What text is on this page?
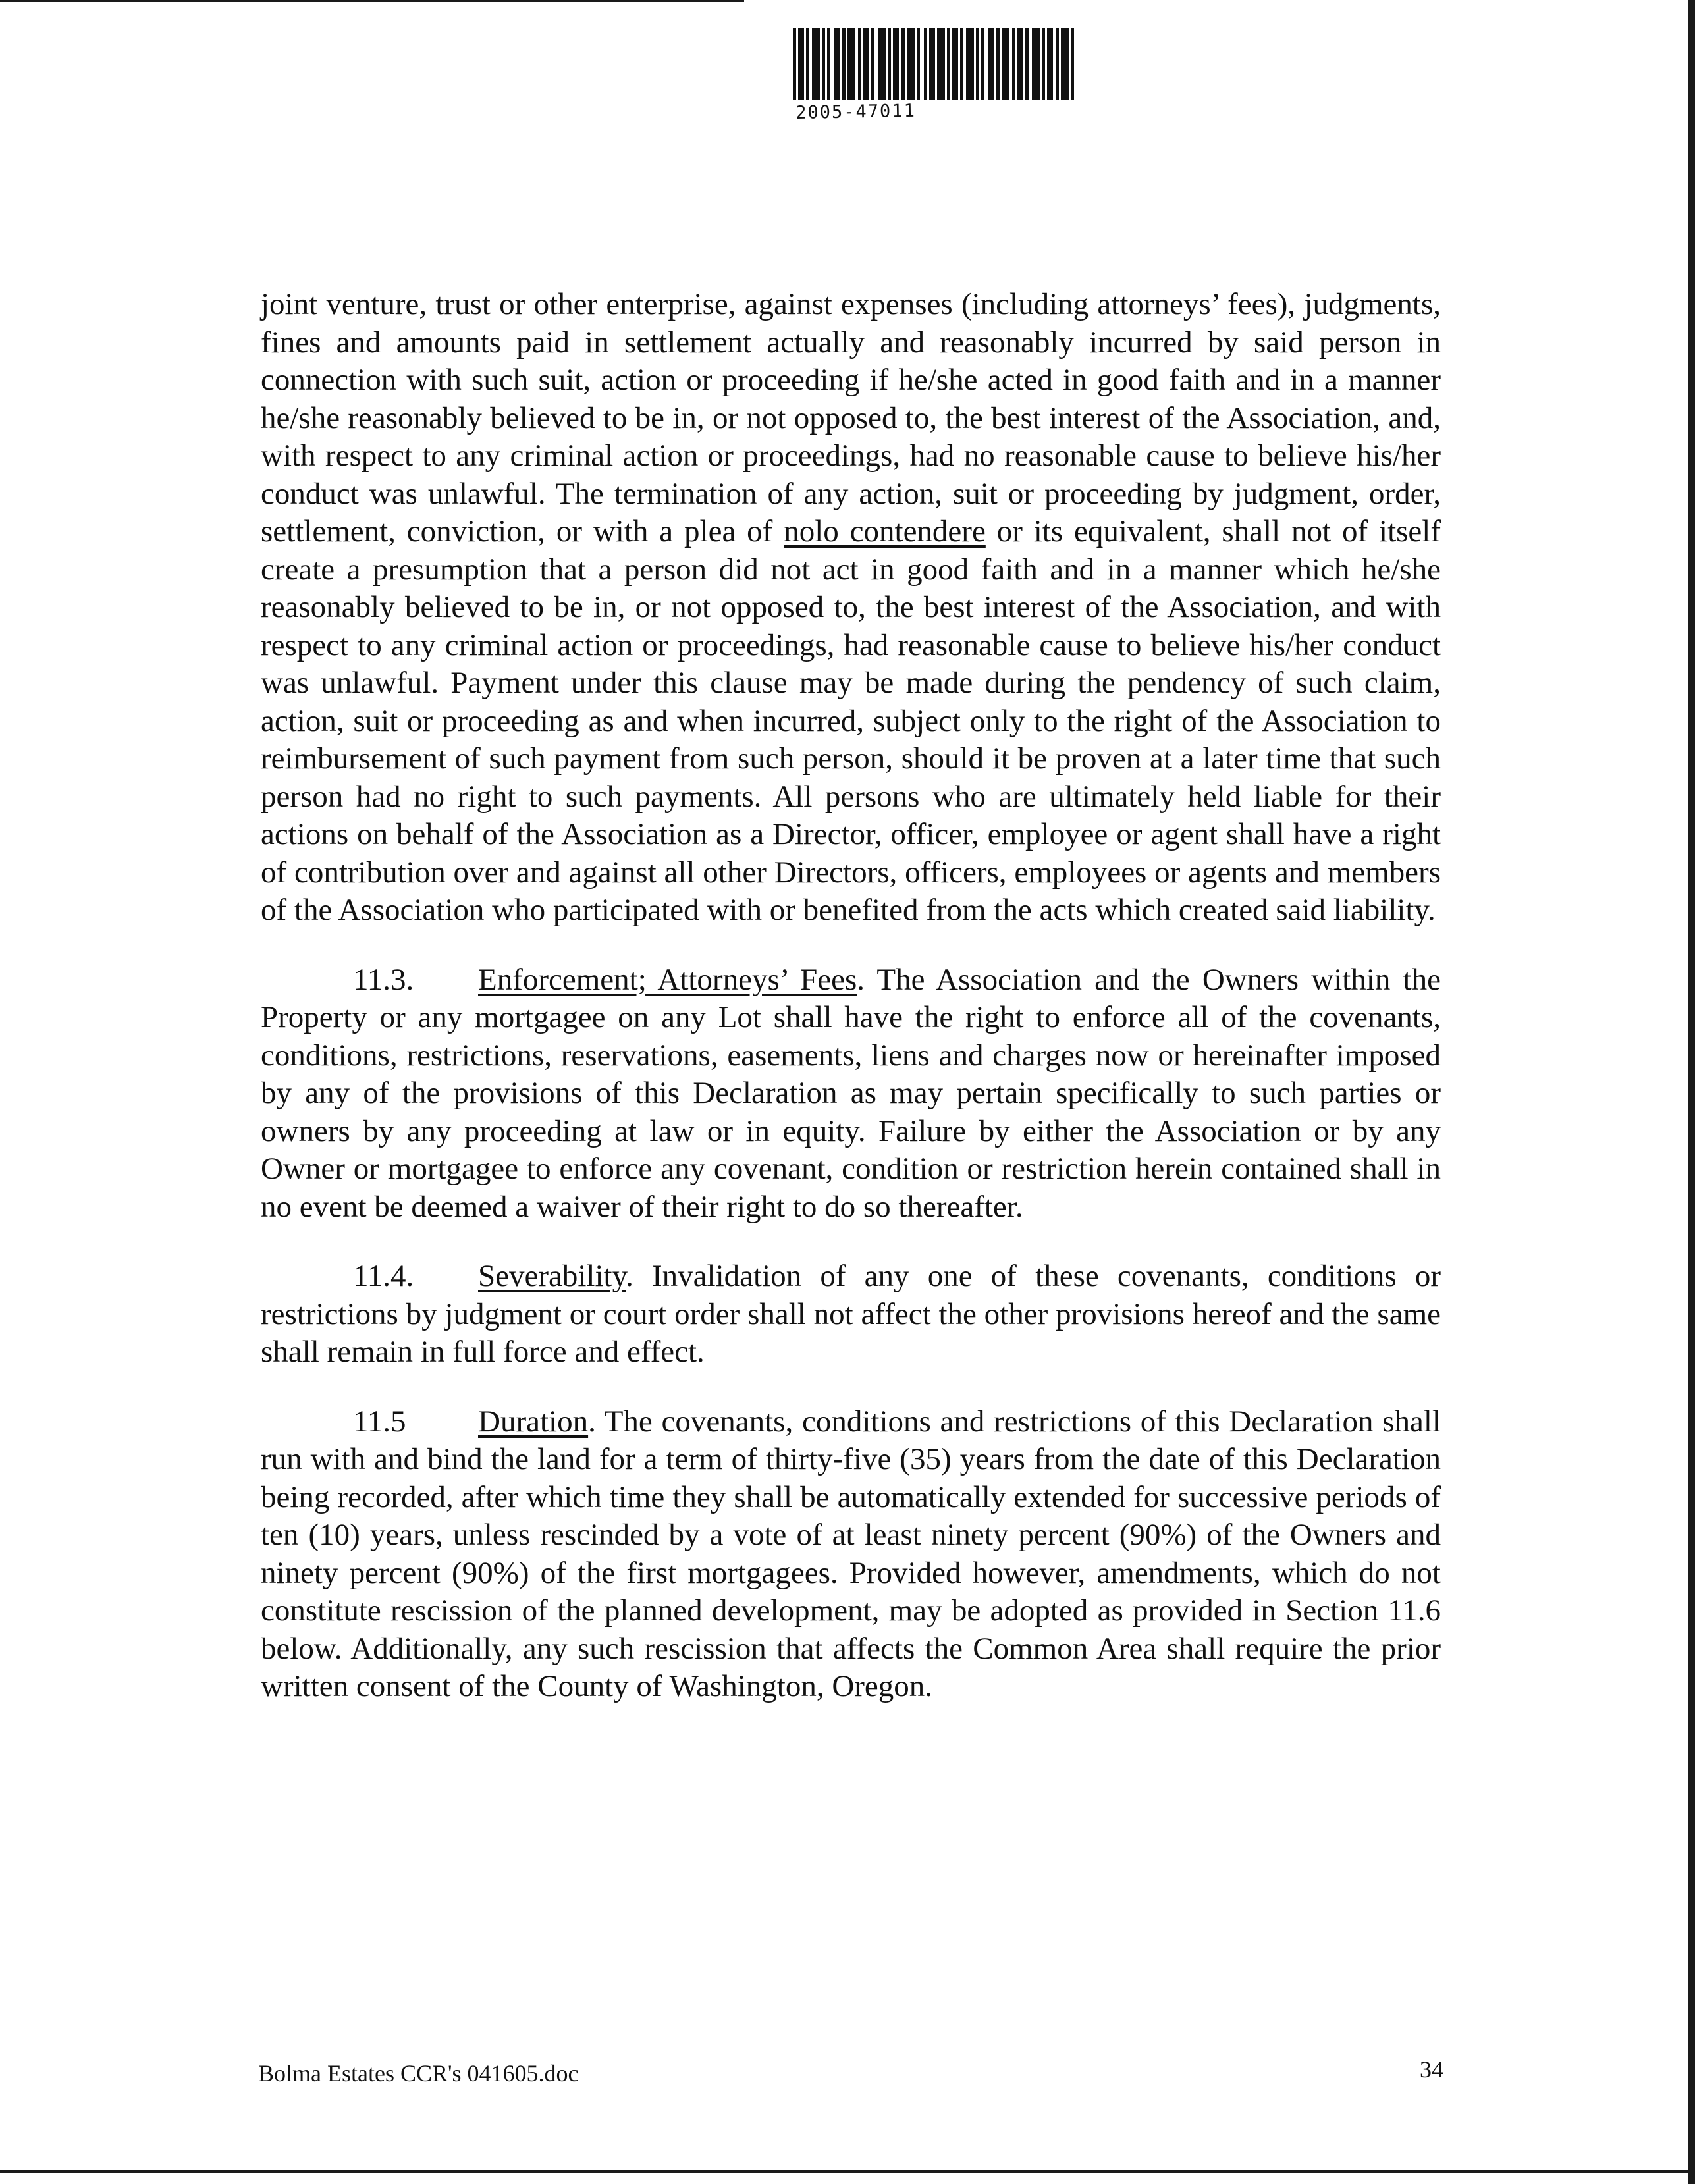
2005-47011

joint venture, trust or other enterprise, against expenses (including attorneys’ fees), judgments, fines and amounts paid in settlement actually and reasonably incurred by said person in connection with such suit, action or proceeding if he/she acted in good faith and in a manner he/she reasonably believed to be in, or not opposed to, the best interest of the Association, and, with respect to any criminal action or proceedings, had no reasonable cause to believe his/her conduct was unlawful. The termination of any action, suit or proceeding by judgment, order, settlement, conviction, or with a plea of nolo contendere or its equivalent, shall not of itself create a presumption that a person did not act in good faith and in a manner which he/she reasonably believed to be in, or not opposed to, the best interest of the Association, and with respect to any criminal action or proceedings, had reasonable cause to believe his/her conduct was unlawful. Payment under this clause may be made during the pendency of such claim, action, suit or proceeding as and when incurred, subject only to the right of the Association to reimbursement of such payment from such person, should it be proven at a later time that such person had no right to such payments. All persons who are ultimately held liable for their actions on behalf of the Association as a Director, officer, employee or agent shall have a right of contribution over and against all other Directors, officers, employees or agents and members of the Association who participated with or benefited from the acts which created said liability.

11.3. Enforcement; Attorneys’ Fees. The Association and the Owners within the Property or any mortgagee on any Lot shall have the right to enforce all of the covenants, conditions, restrictions, reservations, easements, liens and charges now or hereinafter imposed by any of the provisions of this Declaration as may pertain specifically to such parties or owners by any proceeding at law or in equity. Failure by either the Association or by any Owner or mortgagee to enforce any covenant, condition or restriction herein contained shall in no event be deemed a waiver of their right to do so thereafter.

11.4. Severability. Invalidation of any one of these covenants, conditions or restrictions by judgment or court order shall not affect the other provisions hereof and the same shall remain in full force and effect.

11.5 Duration. The covenants, conditions and restrictions of this Declaration shall run with and bind the land for a term of thirty-five (35) years from the date of this Declaration being recorded, after which time they shall be automatically extended for successive periods of ten (10) years, unless rescinded by a vote of at least ninety percent (90%) of the Owners and ninety percent (90%) of the first mortgagees. Provided however, amendments, which do not constitute rescission of the planned development, may be adopted as provided in Section 11.6 below. Additionally, any such rescission that affects the Common Area shall require the prior written consent of the County of Washington, Oregon.

Bolma Estates CCR's 041605.doc	34
